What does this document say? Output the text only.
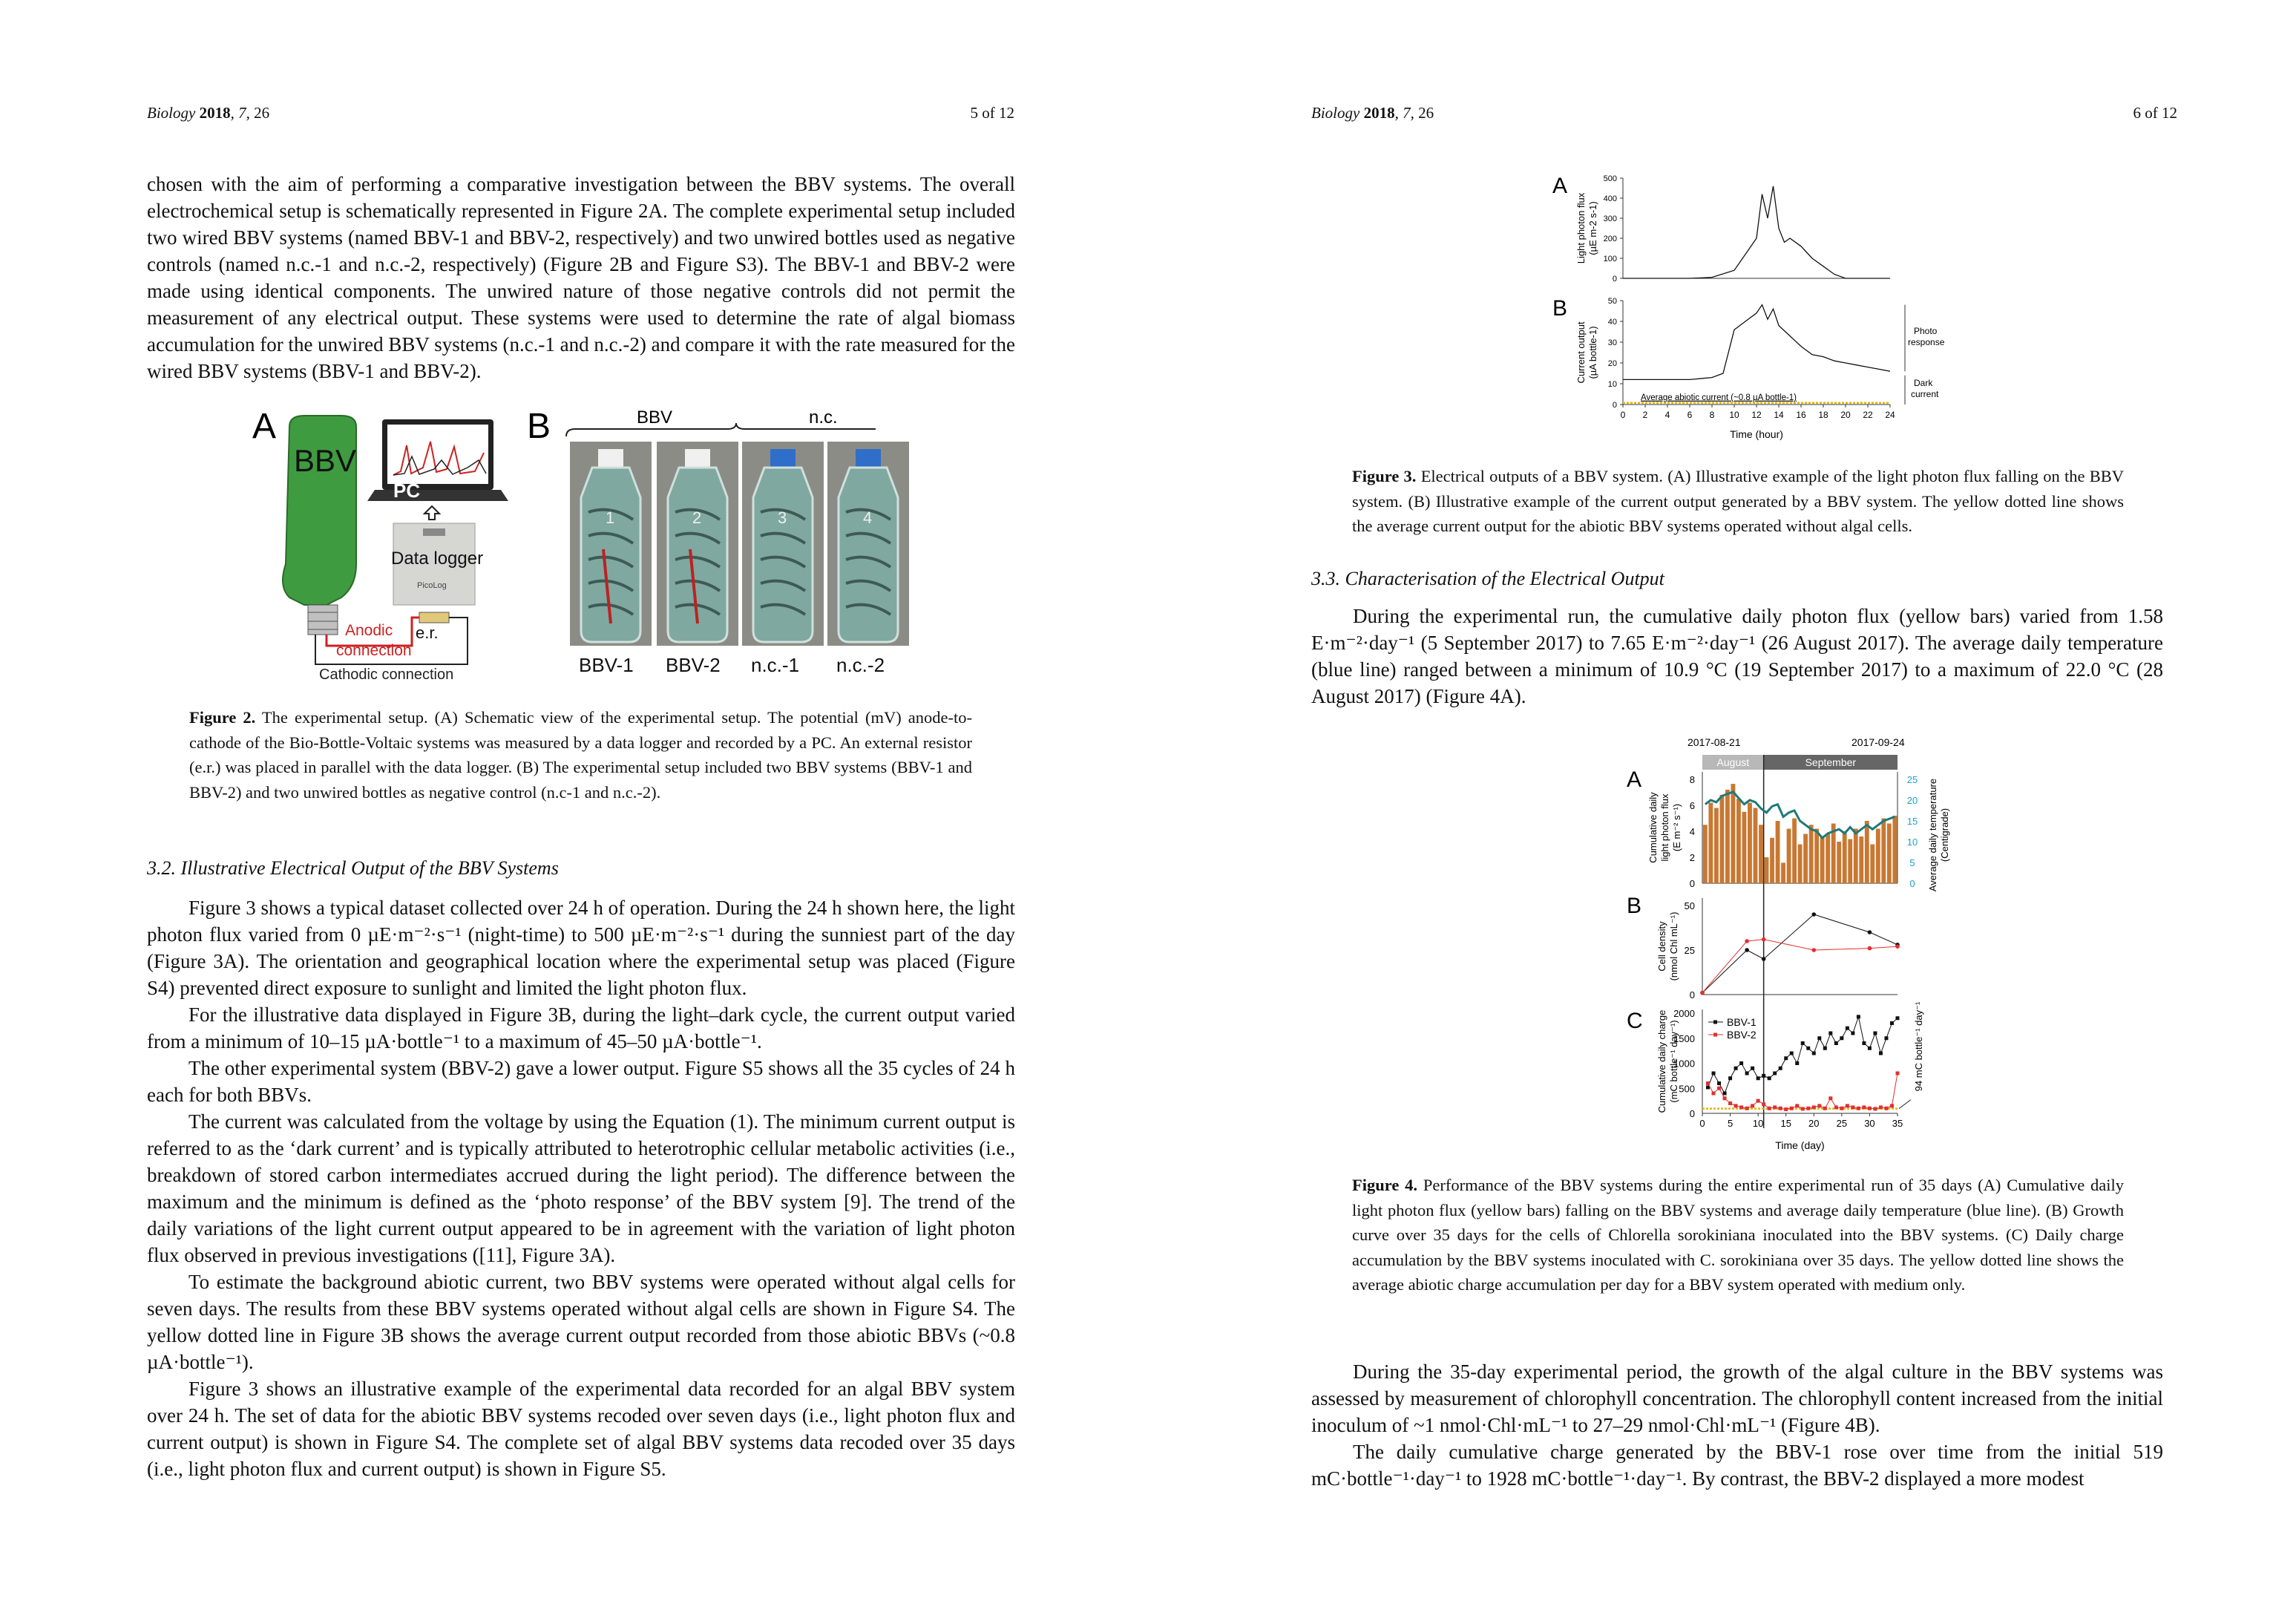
Biology 2018, 7, 26	5 of 12

chosen with the aim of performing a comparative investigation between the BBV systems. The overall electrochemical setup is schematically represented in Figure 2A. The complete experimental setup included two wired BBV systems (named BBV-1 and BBV-2, respectively) and two unwired bottles used as negative controls (named n.c.-1 and n.c.-2, respectively) (Figure 2B and Figure S3). The BBV-1 and BBV-2 were made using identical components. The unwired nature of those negative controls did not permit the measurement of any electrical output. These systems were used to determine the rate of algal biomass accumulation for the unwired BBV systems (n.c.-1 and n.c.-2) and compare it with the rate measured for the wired BBV systems (BBV-1 and BBV-2).

A
BBV
PC
Data logger
PicoLog
e.r.
Anodic
connection
Cathodic connection
B	BBV	n.c.
1
BBV-1
2
BBV-2
3
n.c.-1
4
n.c.-2
Figure 2. The experimental setup. (A) Schematic view of the experimental setup. The potential (mV) anode-to-cathode of the Bio-Bottle-Voltaic systems was measured by a data logger and recorded by a PC. An external resistor (e.r.) was placed in parallel with the data logger. (B) The experimental setup included two BBV systems (BBV-1 and BBV-2) and two unwired bottles as negative control (n.c-1 and n.c.-2).
3.2. Illustrative Electrical Output of the BBV Systems

Figure 3 shows a typical dataset collected over 24 h of operation. During the 24 h shown here, the light photon flux varied from 0 µE·m⁻²·s⁻¹ (night-time) to 500 µE·m⁻²·s⁻¹ during the sunniest part of the day (Figure 3A). The orientation and geographical location where the experimental setup was placed (Figure S4) prevented direct exposure to sunlight and limited the light photon flux.

For the illustrative data displayed in Figure 3B, during the light–dark cycle, the current output varied from a minimum of 10–15 µA·bottle⁻¹ to a maximum of 45–50 µA·bottle⁻¹.

The other experimental system (BBV-2) gave a lower output. Figure S5 shows all the 35 cycles of 24 h each for both BBVs.

The current was calculated from the voltage by using the Equation (1). The minimum current output is referred to as the ‘dark current’ and is typically attributed to heterotrophic cellular metabolic activities (i.e., breakdown of stored carbon intermediates accrued during the light period). The difference between the maximum and the minimum is defined as the ‘photo response’ of the BBV system [9]. The trend of the daily variations of the light current output appeared to be in agreement with the variation of light photon flux observed in previous investigations ([11], Figure 3A).

To estimate the background abiotic current, two BBV systems were operated without algal cells for seven days. The results from these BBV systems operated without algal cells are shown in Figure S4. The yellow dotted line in Figure 3B shows the average current output recorded from those abiotic BBVs (~0.8 µA·bottle⁻¹).

Figure 3 shows an illustrative example of the experimental data recorded for an algal BBV system over 24 h. The set of data for the abiotic BBV systems recoded over seven days (i.e., light photon flux and current output) is shown in Figure S4. The complete set of algal BBV systems data recoded over 35 days (i.e., light photon flux and current output) is shown in Figure S5.

Biology 2018, 7, 26	6 of 12
A
0
100
200
300
400
500
Light photon flux(µE m-2 s-1)
B
0
10
20
30
40
50
0 2 4 6 8 10 12 14 16 18 20 22 24
Current output(µA bottle-1)
Average abiotic current (~0.8 µA bottle-1)
Time (hour)
Photo response
Dark current
Figure 3. Electrical outputs of a BBV system. (A) Illustrative example of the light photon flux falling on the BBV system. (B) Illustrative example of the current output generated by a BBV system. The yellow dotted line shows the average current output for the abiotic BBV systems operated without algal cells.
3.3. Characterisation of the Electrical Output

During the experimental run, the cumulative daily photon flux (yellow bars) varied from 1.58 E·m⁻²·day⁻¹ (5 September 2017) to 7.65 E·m⁻²·day⁻¹ (26 August 2017). The average daily temperature (blue line) ranged between a minimum of 10.9 °C (19 September 2017) to a maximum of 22.0 °C (28 August 2017) (Figure 4A).

2017-08-21	2017-09-24
August	September
A
0
2
4
6
8
0
5
10
15
20
25
Cumulative dailylight photon flux(E m⁻² s⁻¹)	Average daily temperature(Centigrade)
B
0
25
50
Cell density(nmol Chl mL⁻¹)
C
0
500
1000
1500
2000
0 5 10 15 20 25 30 35
BBV-1
BBV-2
Cumulative daily charge(mC bottle⁻¹ day⁻¹)	94 mC bottle⁻¹ day⁻¹
Time (day)
Figure 4. Performance of the BBV systems during the entire experimental run of 35 days (A) Cumulative daily light photon flux (yellow bars) falling on the BBV systems and average daily temperature (blue line). (B) Growth curve over 35 days for the cells of Chlorella sorokiniana inoculated into the BBV systems. (C) Daily charge accumulation by the BBV systems inoculated with C. sorokiniana over 35 days. The yellow dotted line shows the average abiotic charge accumulation per day for a BBV system operated with medium only.

During the 35-day experimental period, the growth of the algal culture in the BBV systems was assessed by measurement of chlorophyll concentration. The chlorophyll content increased from the initial inoculum of ~1 nmol·Chl·mL⁻¹ to 27–29 nmol·Chl·mL⁻¹ (Figure 4B).

The daily cumulative charge generated by the BBV-1 rose over time from the initial 519 mC·bottle⁻¹·day⁻¹ to 1928 mC·bottle⁻¹·day⁻¹. By contrast, the BBV-2 displayed a more modest
